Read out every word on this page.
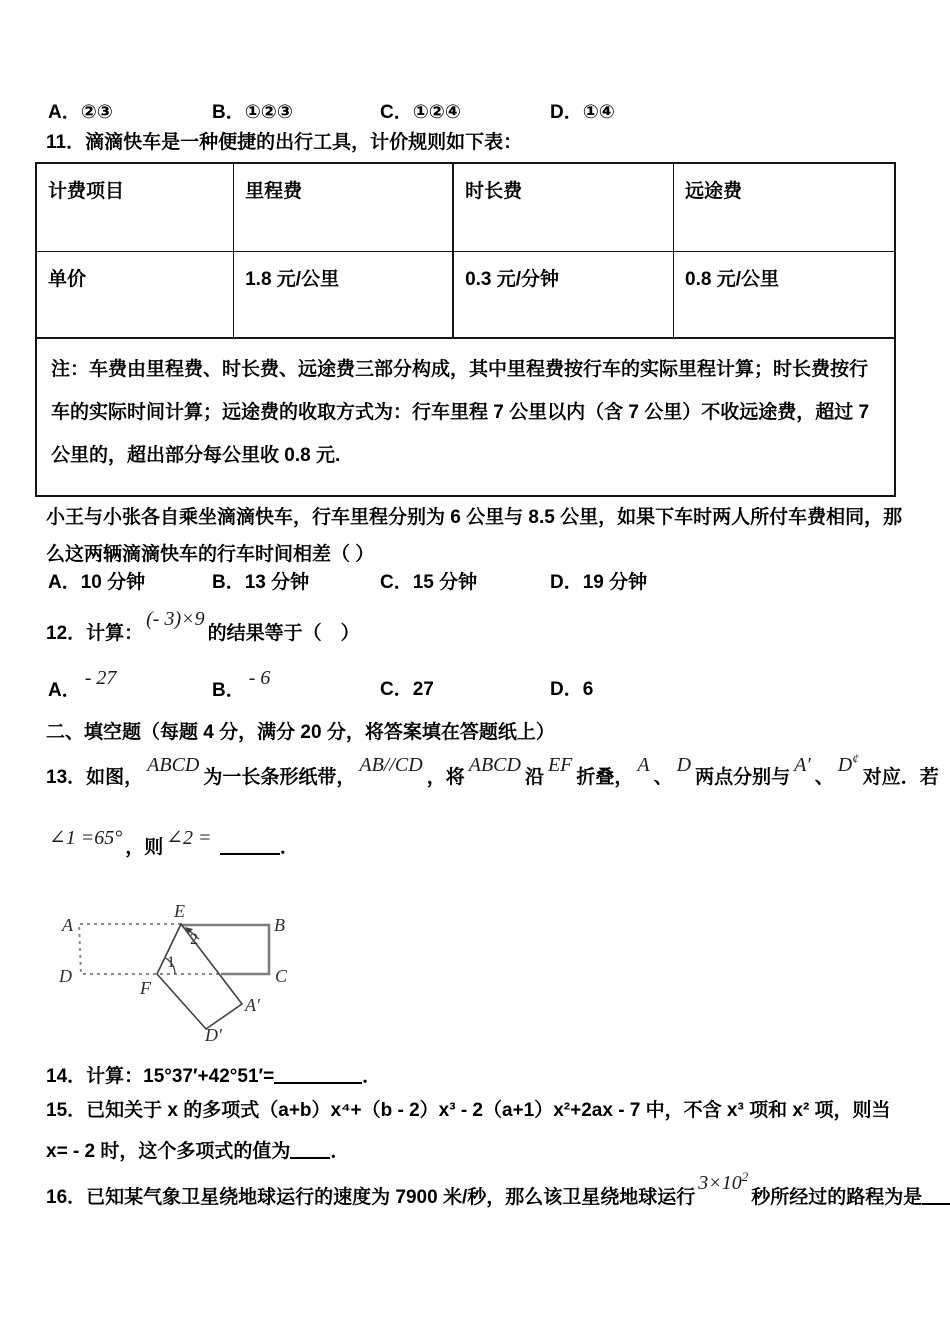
A．②③	B．①②③	C．①②④	D．①④
11．滴滴快车是一种便捷的出行工具，计价规则如下表：
计费项目	里程费	时长费	远途费
单价	1.8 元/公里	0.3 元/分钟	0.8 元/公里
注：车费由里程费、时长费、远途费三部分构成，其中里程费按行车的实际里程计算；时长费按行车的实际时间计算；远途费的收取方式为：行车里程 7 公里以内（含 7 公里）不收远途费，超过 7 公里的，超出部分每公里收 0.8 元.
小王与小张各自乘坐滴滴快车，行车里程分别为 6 公里与 8.5 公里，如果下车时两人所付车费相同，那么这两辆滴滴快车的行车时间相差（ ）
A．10 分钟	B．13 分钟	C．15 分钟	D．19 分钟
12．计算：(- 3)×9的结果等于（　）
A．- 27
B．- 6
C．27	D．6
二、填空题（每题 4 分，满分 20 分，将答案填在答题纸上）
13．如图，ABCD为一长条形纸带，AB//CD，将ABCD沿EF折叠，A、D两点分别与A′、D¢对应．若
∠1 =65° ，则 ∠2 =	．
A
E
B
D
F
C
A′
D′
1
2
14．计算：15°37′+42°51′=	．
15．已知关于 x 的多项式（a+b）x⁴+（b - 2）x³ - 2（a+1）x²+2ax - 7 中，不含 x³ 项和 x² 项，则当 x= - 2 时，这个多项式的值为 ．
16．已知某气象卫星绕地球运行的速度为 7900 米/秒，那么该卫星绕地球运行$3\times 10^2$秒所经过的路程为是
